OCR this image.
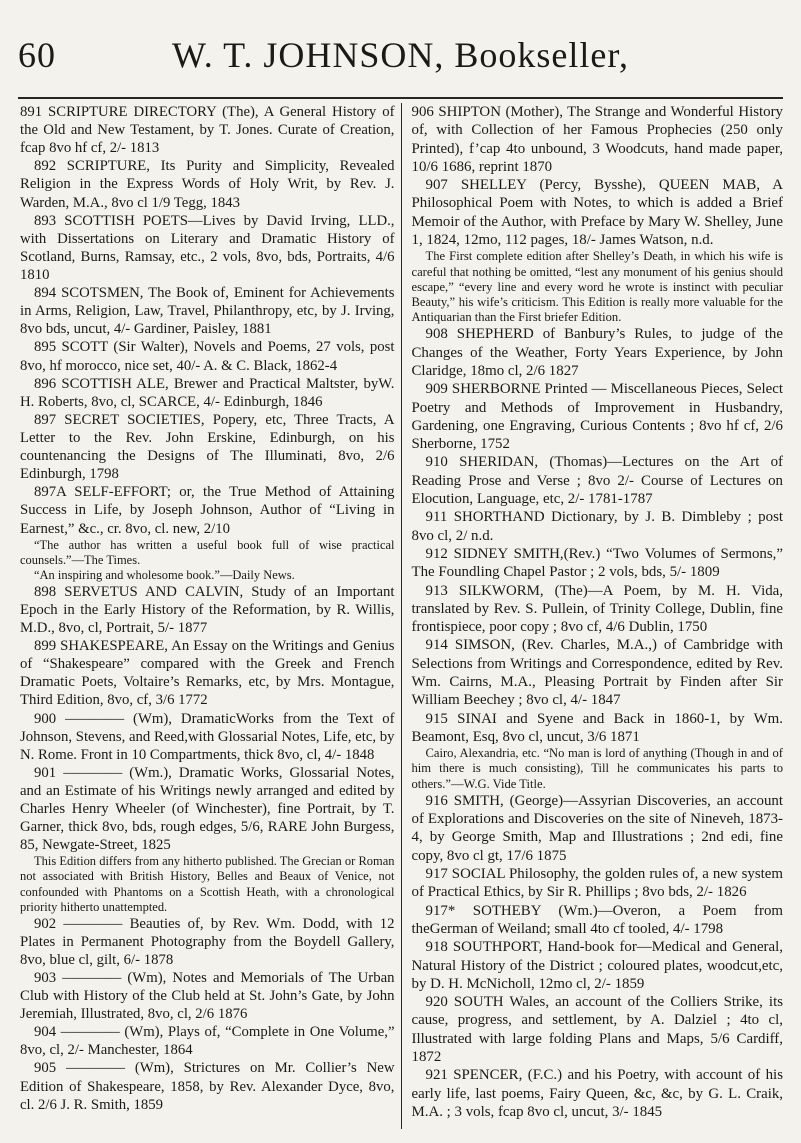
60	W. T. JOHNSON, Bookseller,

891 SCRIPTURE DIRECTORY (The), A General History of the Old and New Testament, by T. Jones. Curate of Creation, fcap 8vo hf cf, 2/- 1813

892 SCRIPTURE, Its Purity and Simplicity, Revealed Religion in the Express Words of Holy Writ, by Rev. J. Warden, M.A., 8vo cl 1/9 Tegg, 1843

893 SCOTTISH POETS—Lives by David Irving, LLD., with Dissertations on Literary and Dramatic History of Scotland, Burns, Ramsay, etc., 2 vols, 8vo, bds, Portraits, 4/6 1810

894 SCOTSMEN, The Book of, Eminent for Achievements in Arms, Religion, Law, Travel, Philanthropy, etc, by J. Irving, 8vo bds, uncut, 4/- Gardiner, Paisley, 1881

895 SCOTT (Sir Walter), Novels and Poems, 27 vols, post 8vo, hf morocco, nice set, 40/- A. & C. Black, 1862-4

896 SCOTTISH ALE, Brewer and Practical Maltster, byW. H. Roberts, 8vo, cl, SCARCE, 4/- Edinburgh, 1846

897 SECRET SOCIETIES, Popery, etc, Three Tracts, A Letter to the Rev. John Erskine, Edinburgh, on his countenancing the Designs of The Illuminati, 8vo, 2/6 Edinburgh, 1798

897A SELF-EFFORT; or, the True Method of Attaining Success in Life, by Joseph Johnson, Author of “Living in Earnest,” &c., cr. 8vo, cl. new, 2/10

“The author has written a useful book full of wise practical counsels.”—The Times.

“An inspiring and wholesome book.”—Daily News.

898 SERVETUS AND CALVIN, Study of an Important Epoch in the Early History of the Reformation, by R. Willis, M.D., 8vo, cl, Portrait, 5/- 1877

899 SHAKESPEARE, An Essay on the Writings and Genius of “Shakespeare” compared with the Greek and French Dramatic Poets, Voltaire’s Remarks, etc, by Mrs. Montague, Third Edition, 8vo, cf, 3/6 1772

900 ———— (Wm), DramaticWorks from the Text of Johnson, Stevens, and Reed,with Glossarial Notes, Life, etc, by N. Rome. Front in 10 Compartments, thick 8vo, cl, 4/- 1848

901 ———— (Wm.), Dramatic Works, Glossarial Notes, and an Estimate of his Writings newly arranged and edited by Charles Henry Wheeler (of Winchester), fine Portrait, by T. Garner, thick 8vo, bds, rough edges, 5/6, RARE John Burgess, 85, Newgate-Street, 1825

This Edition differs from any hitherto published. The Grecian or Roman not associated with British History, Belles and Beaux of Venice, not confounded with Phantoms on a Scottish Heath, with a chronological priority hitherto unattempted.

902 ———— Beauties of, by Rev. Wm. Dodd, with 12 Plates in Permanent Photography from the Boydell Gallery, 8vo, blue cl, gilt, 6/- 1878

903 ———— (Wm), Notes and Memorials of The Urban Club with History of the Club held at St. John’s Gate, by John Jeremiah, Illustrated, 8vo, cl, 2/6 1876

904 ———— (Wm), Plays of, “Complete in One Volume,” 8vo, cl, 2/- Manchester, 1864

905 ———— (Wm), Strictures on Mr. Collier’s New Edition of Shakespeare, 1858, by Rev. Alexander Dyce, 8vo, cl. 2/6 J. R. Smith, 1859

906 SHIPTON (Mother), The Strange and Wonderful History of, with Collection of her Famous Prophecies (250 only Printed), f’cap 4to unbound, 3 Woodcuts, hand made paper, 10/6 1686, reprint 1870

907 SHELLEY (Percy, Bysshe), QUEEN MAB, A Philosophical Poem with Notes, to which is added a Brief Memoir of the Author, with Preface by Mary W. Shelley, June 1, 1824, 12mo, 112 pages, 18/- James Watson, n.d.

The First complete edition after Shelley’s Death, in which his wife is careful that nothing be omitted, “lest any monument of his genius should escape,” “every line and every word he wrote is instinct with peculiar Beauty,” his wife’s criticism. This Edition is really more valuable for the Antiquarian than the First briefer Edition.

908 SHEPHERD of Banbury’s Rules, to judge of the Changes of the Weather, Forty Years Experience, by John Claridge, 18mo cl, 2/6 1827

909 SHERBORNE Printed — Miscellaneous Pieces, Select Poetry and Methods of Improvement in Husbandry, Gardening, one Engraving, Curious Contents ; 8vo hf cf, 2/6 Sherborne, 1752

910 SHERIDAN, (Thomas)—Lectures on the Art of Reading Prose and Verse ; 8vo 2/- Course of Lectures on Elocution, Language, etc, 2/- 1781-1787

911 SHORTHAND Dictionary, by J. B. Dimbleby ; post 8vo cl, 2/ n.d.

912 SIDNEY SMITH,(Rev.) “Two Volumes of Sermons,” The Foundling Chapel Pastor ; 2 vols, bds, 5/- 1809

913 SILKWORM, (The)—A Poem, by M. H. Vida, translated by Rev. S. Pullein, of Trinity College, Dublin, fine frontispiece, poor copy ; 8vo cf, 4/6 Dublin, 1750

914 SIMSON, (Rev. Charles, M.A.,) of Cambridge with Selections from Writings and Correspondence, edited by Rev. Wm. Cairns, M.A., Pleasing Portrait by Finden after Sir William Beechey ; 8vo cl, 4/- 1847

915 SINAI and Syene and Back in 1860-1, by Wm. Beamont, Esq, 8vo cl, uncut, 3/6 1871

Cairo, Alexandria, etc. “No man is lord of anything (Though in and of him there is much consisting), Till he communicates his parts to others.”—W.G. Vide Title.

916 SMITH, (George)—Assyrian Discoveries, an account of Explorations and Discoveries on the site of Nineveh, 1873-4, by George Smith, Map and Illustrations ; 2nd edi, fine copy, 8vo cl gt, 17/6 1875

917 SOCIAL Philosophy, the golden rules of, a new system of Practical Ethics, by Sir R. Phillips ; 8vo bds, 2/- 1826

917* SOTHEBY (Wm.)—Overon, a Poem from theGerman of Weiland; small 4to cf tooled, 4/- 1798

918 SOUTHPORT, Hand-book for—Medical and General, Natural History of the District ; coloured plates, woodcut,etc, by D. H. McNicholl, 12mo cl, 2/- 1859

920 SOUTH Wales, an account of the Colliers Strike, its cause, progress, and settlement, by A. Dalziel ; 4to cl, Illustrated with large folding Plans and Maps, 5/6 Cardiff, 1872

921 SPENCER, (F.C.) and his Poetry, with account of his early life, last poems, Fairy Queen, &c, &c, by G. L. Craik, M.A. ; 3 vols, fcap 8vo cl, uncut, 3/- 1845
